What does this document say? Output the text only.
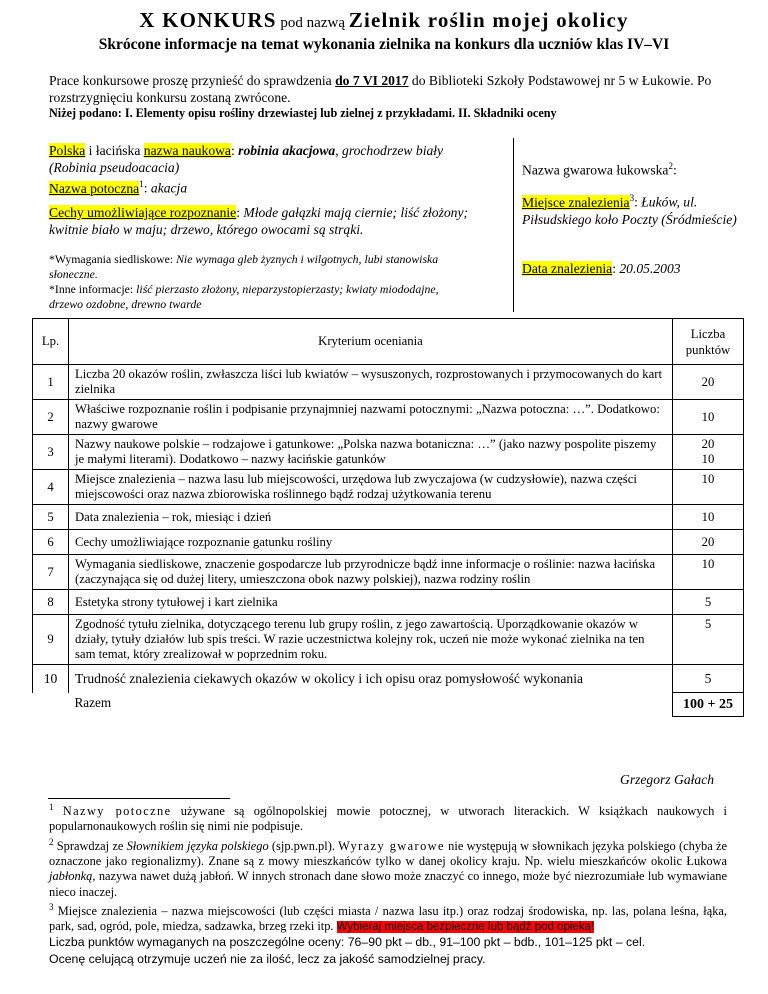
X KONKURS pod nazwą Zielnik roślin mojej okolicy
Skrócone informacje na temat wykonania zielnika na konkurs dla uczniów klas IV–VI
Prace konkursowe proszę przynieść do sprawdzenia do 7 VI 2017 do Biblioteki Szkoły Podstawowej nr 5 w Łukowie. Po rozstrzygnięciu konkursu zostaną zwrócone.
Niżej podano: I. Elementy opisu rośliny drzewiastej lub zielnej z przykładami. II. Składniki oceny
Polska i łacińska nazwa naukowa: robinia akacjowa, grochodrzew biały
(Robinia pseudoacacia)
Nazwa potoczna$^1$: akacja
Cechy umożliwiające rozpoznanie: Młode gałązki mają ciernie; liść złożony; kwitnie biało w maju; drzewo, którego owocami są strąki.
*Wymagania siedliskowe: Nie wymaga gleb żyznych i wilgotnych, lubi stanowiska słoneczne.
*Inne informacje: liść pierzasto złożony, nieparzystopierzasty; kwiaty miododajne, drzewo ozdobne, drewno twarde
Nazwa gwarowa łukowska$^2$:
Miejsce znalezienia$^3$: Łuków, ul. Piłsudskiego koło Poczty (Śródmieście)
Data znalezienia: 20.05.2003
Lp.	Kryterium oceniania	Liczba punktów
1	Liczba 20 okazów roślin, zwłaszcza liści lub kwiatów – wysuszonych, rozprostowanych i przymocowanych do kart zielnika	20
2	Właściwe rozpoznanie roślin i podpisanie przynajmniej nazwami potocznymi: „Nazwa potoczna: …”. Dodatkowo: nazwy gwarowe	10
3	Nazwy naukowe polskie – rodzajowe i gatunkowe: „Polska nazwa botaniczna: …” (jako nazwy pospolite piszemy je małymi literami). Dodatkowo – nazwy łacińskie gatunków	20
10
4	Miejsce znalezienia – nazwa lasu lub miejscowości, urzędowa lub zwyczajowa (w cudzysłowie), nazwa części miejscowości oraz nazwa zbiorowiska roślinnego bądź rodzaj użytkowania terenu	10
5	Data znalezienia – rok, miesiąc i dzień	10
6	Cechy umożliwiające rozpoznanie gatunku rośliny	20
7	Wymagania siedliskowe, znaczenie gospodarcze lub przyrodnicze bądź inne informacje o roślinie: nazwa łacińska (zaczynająca się od dużej litery, umieszczona obok nazwy polskiej), nazwa rodziny roślin	10
8	Estetyka strony tytułowej i kart zielnika	5
9	Zgodność tytułu zielnika, dotyczącego terenu lub grupy roślin, z jego zawartością. Uporządkowanie okazów w działy, tytuły działów lub spis treści. W razie uczestnictwa kolejny rok, uczeń nie może wykonać zielnika na ten sam temat, który zrealizował w poprzednim roku.	5
10	Trudność znalezienia ciekawych okazów w okolicy i ich opisu oraz pomysłowość wykonania	5
	Razem	100 + 25
Grzegorz Gałach
$^1$ Nazwy potoczne używane są ogólnopolskiej mowie potocznej, w utworach literackich. W książkach naukowych i popularnonaukowych roślin się nimi nie podpisuje.
$^2$ Sprawdzaj ze Słownikiem języka polskiego (sjp.pwn.pl). Wyrazy gwarowe nie występują w słownikach języka polskiego (chyba że oznaczone jako regionalizmy). Znane są z mowy mieszkańców tylko w danej okolicy kraju. Np. wielu mieszkańców okolic Łukowa jabłonką, nazywa nawet dużą jabłoń. W innych stronach dane słowo może znaczyć co innego, może być niezrozumiałe lub wymawiane nieco inaczej.
$^3$ Miejsce znalezienia – nazwa miejscowości (lub części miasta / nazwa lasu itp.) oraz rodzaj środowiska, np. las, polana leśna, łąka, park, sad, ogród, pole, miedza, sadzawka, brzeg rzeki itp. Wybieraj miejsca bezpieczne lub bądź pod opieką!
Liczba punktów wymaganych na poszczególne oceny: 76–90 pkt – db., 91–100 pkt – bdb., 101–125 pkt – cel.
Ocenę celującą otrzymuje uczeń nie za ilość, lecz za jakość samodzielnej pracy.
